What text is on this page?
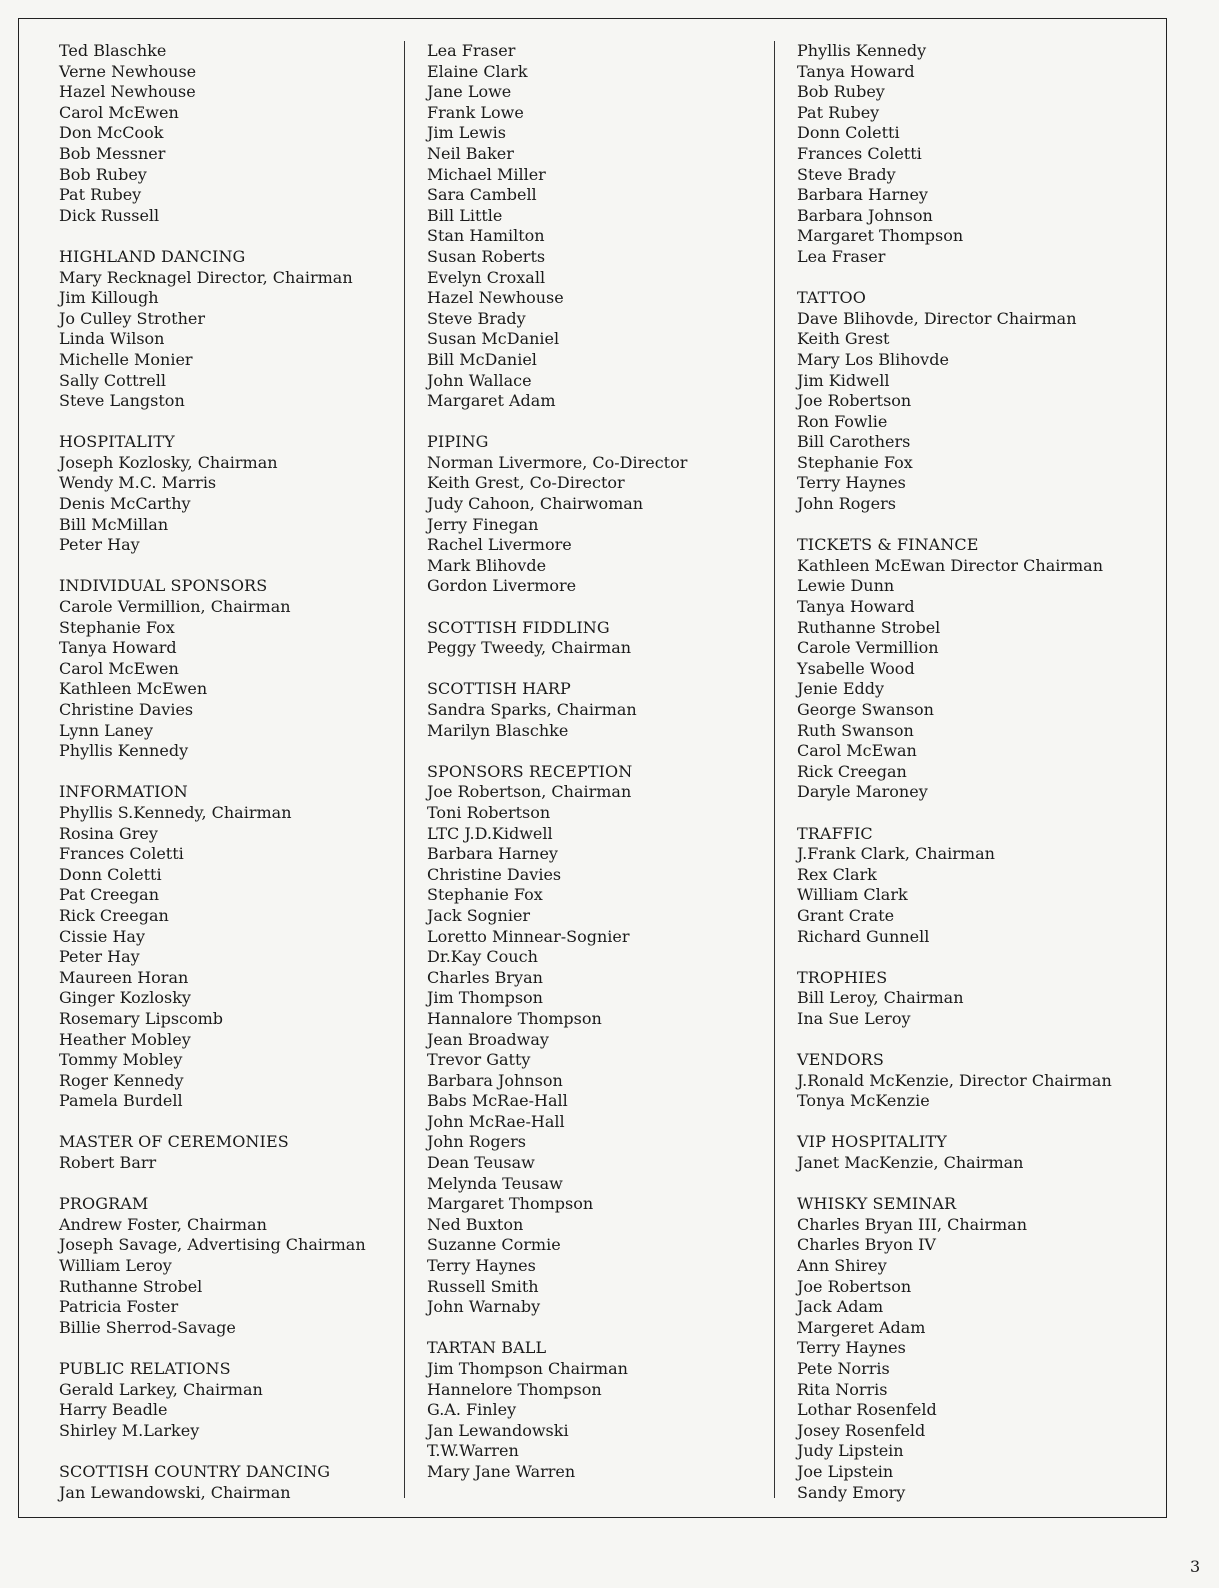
Ted Blaschke
Verne Newhouse
Hazel Newhouse
Carol McEwen
Don McCook
Bob Messner
Bob Rubey
Pat Rubey
Dick Russell
HIGHLAND DANCING
Mary Recknagel Director, Chairman
Jim Killough
Jo Culley Strother
Linda Wilson
Michelle Monier
Sally Cottrell
Steve Langston
HOSPITALITY
Joseph Kozlosky, Chairman
Wendy M.C. Marris
Denis McCarthy
Bill McMillan
Peter Hay
INDIVIDUAL SPONSORS
Carole Vermillion, Chairman
Stephanie Fox
Tanya Howard
Carol McEwen
Kathleen McEwen
Christine Davies
Lynn Laney
Phyllis Kennedy
INFORMATION
Phyllis S.Kennedy, Chairman
Rosina Grey
Frances Coletti
Donn Coletti
Pat Creegan
Rick Creegan
Cissie Hay
Peter Hay
Maureen Horan
Ginger Kozlosky
Rosemary Lipscomb
Heather Mobley
Tommy Mobley
Roger Kennedy
Pamela Burdell
MASTER OF CEREMONIES
Robert Barr
PROGRAM
Andrew Foster, Chairman
Joseph Savage, Advertising Chairman
William Leroy
Ruthanne Strobel
Patricia Foster
Billie Sherrod-Savage
PUBLIC RELATIONS
Gerald Larkey, Chairman
Harry Beadle
Shirley M.Larkey
SCOTTISH COUNTRY DANCING
Jan Lewandowski, Chairman
Lea Fraser
Elaine Clark
Jane Lowe
Frank Lowe
Jim Lewis
Neil Baker
Michael Miller
Sara Cambell
Bill Little
Stan Hamilton
Susan Roberts
Evelyn Croxall
Hazel Newhouse
Steve Brady
Susan McDaniel
Bill McDaniel
John Wallace
Margaret Adam
PIPING
Norman Livermore, Co-Director
Keith Grest, Co-Director
Judy Cahoon, Chairwoman
Jerry Finegan
Rachel Livermore
Mark Blihovde
Gordon Livermore
SCOTTISH FIDDLING
Peggy Tweedy, Chairman
SCOTTISH HARP
Sandra Sparks, Chairman
Marilyn Blaschke
SPONSORS RECEPTION
Joe Robertson, Chairman
Toni Robertson
LTC J.D.Kidwell
Barbara Harney
Christine Davies
Stephanie Fox
Jack Sognier
Loretto Minnear-Sognier
Dr.Kay Couch
Charles Bryan
Jim Thompson
Hannalore Thompson
Jean Broadway
Trevor Gatty
Barbara Johnson
Babs McRae-Hall
John McRae-Hall
John Rogers
Dean Teusaw
Melynda Teusaw
Margaret Thompson
Ned Buxton
Suzanne Cormie
Terry Haynes
Russell Smith
John Warnaby
TARTAN BALL
Jim Thompson Chairman
Hannelore Thompson
G.A. Finley
Jan Lewandowski
T.W.Warren
Mary Jane Warren
Phyllis Kennedy
Tanya Howard
Bob Rubey
Pat Rubey
Donn Coletti
Frances Coletti
Steve Brady
Barbara Harney
Barbara Johnson
Margaret Thompson
Lea Fraser
TATTOO
Dave Blihovde, Director Chairman
Keith Grest
Mary Los Blihovde
Jim Kidwell
Joe Robertson
Ron Fowlie
Bill Carothers
Stephanie Fox
Terry Haynes
John Rogers
TICKETS & FINANCE
Kathleen McEwan Director Chairman
Lewie Dunn
Tanya Howard
Ruthanne Strobel
Carole Vermillion
Ysabelle Wood
Jenie Eddy
George Swanson
Ruth Swanson
Carol McEwan
Rick Creegan
Daryle Maroney
TRAFFIC
J.Frank Clark, Chairman
Rex Clark
William Clark
Grant Crate
Richard Gunnell
TROPHIES
Bill Leroy, Chairman
Ina Sue Leroy
VENDORS
J.Ronald McKenzie, Director Chairman
Tonya McKenzie
VIP HOSPITALITY
Janet MacKenzie, Chairman
WHISKY SEMINAR
Charles Bryan III, Chairman
Charles Bryon IV
Ann Shirey
Joe Robertson
Jack Adam
Margeret Adam
Terry Haynes
Pete Norris
Rita Norris
Lothar Rosenfeld
Josey Rosenfeld
Judy Lipstein
Joe Lipstein
Sandy Emory
3
